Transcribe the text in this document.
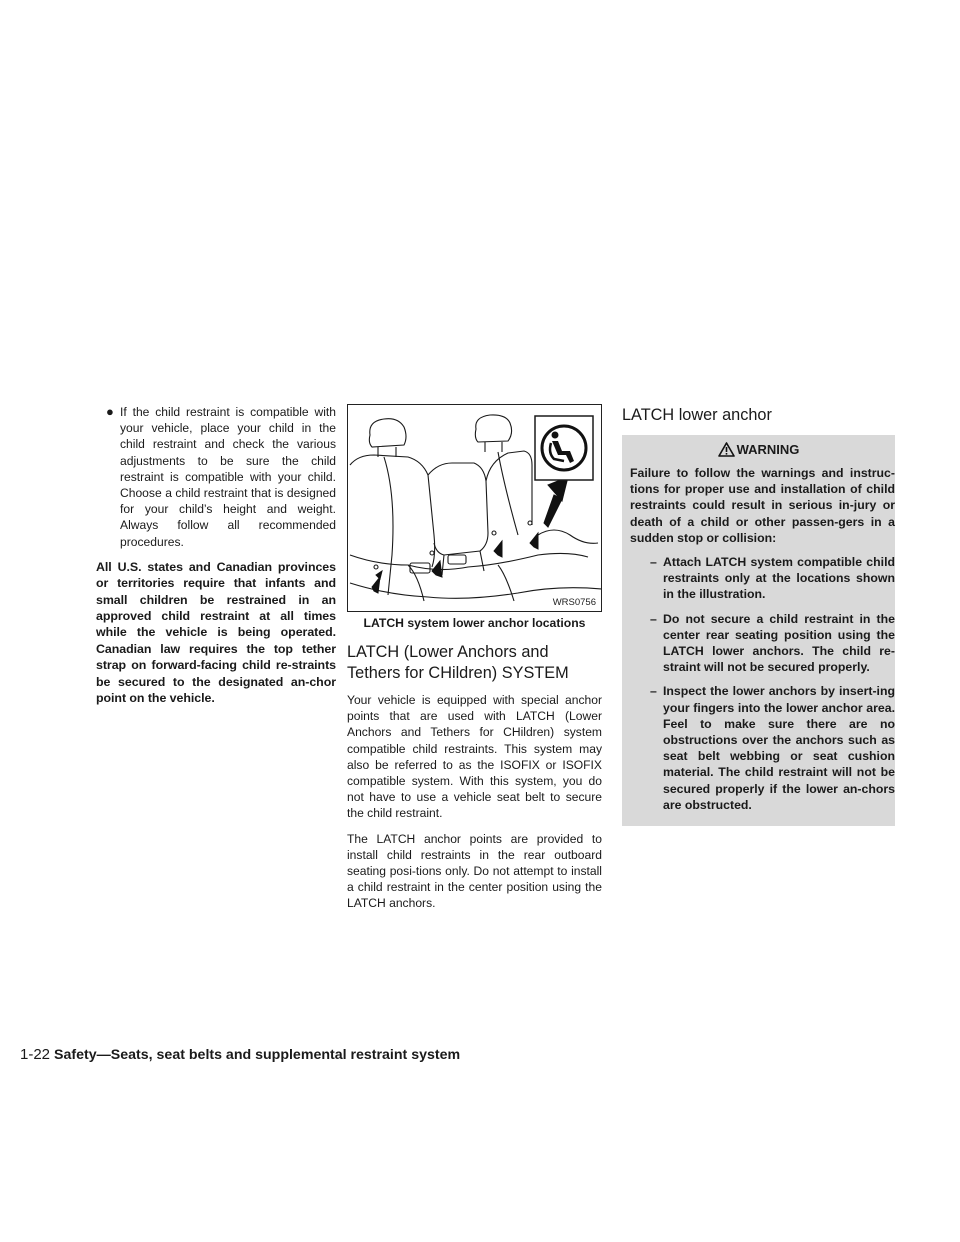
● If the child restraint is compatible with your vehicle, place your child in the child restraint and check the various adjustments to be sure the child restraint is compatible with your child. Choose a child restraint that is designed for your child’s height and weight. Always follow all recommended procedures.

All U.S. states and Canadian provinces or territories require that infants and small children be restrained in an approved child restraint at all times while the vehicle is being operated. Canadian law requires the top tether strap on forward-facing child re-straints be secured to the designated an-chor point on the vehicle.

WRS0756
LATCH system lower anchor locations
LATCH (Lower Anchors and Tethers for CHildren) SYSTEM

Your vehicle is equipped with special anchor points that are used with LATCH (Lower Anchors and Tethers for CHildren) system compatible child restraints. This system may also be referred to as the ISOFIX or ISOFIX compatible system. With this system, you do not have to use a vehicle seat belt to secure the child restraint.

The LATCH anchor points are provided to install child restraints in the rear outboard seating posi-tions only. Do not attempt to install a child restraint in the center position using the LATCH anchors.

LATCH lower anchor
WARNING

Failure to follow the warnings and instruc-tions for proper use and installation of child restraints could result in serious in-jury or death of a child or other passen-gers in a sudden stop or collision:

– Attach LATCH system compatible child restraints only at the locations shown in the illustration.
– Do not secure a child restraint in the center rear seating position using the LATCH lower anchors. The child re-straint will not be secured properly.
– Inspect the lower anchors by insert-ing your fingers into the lower anchor area. Feel to make sure there are no obstructions over the anchors such as seat belt webbing or seat cushion material. The child restraint will not be secured properly if the lower an-chors are obstructed.
1-22 Safety—Seats, seat belts and supplemental restraint system
